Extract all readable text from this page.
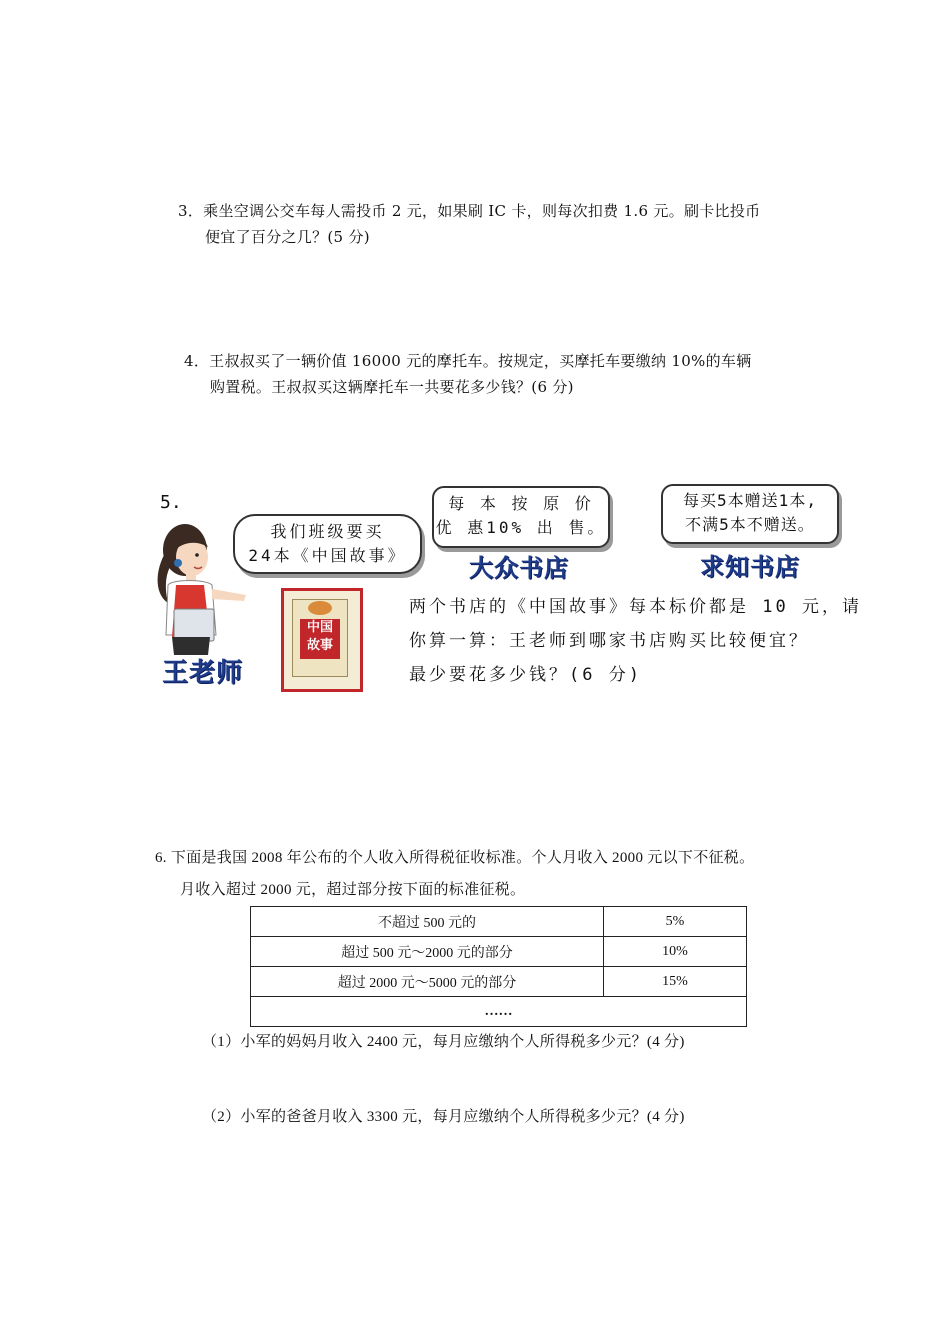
3．乘坐空调公交车每人需投币 2 元，如果刷 IC 卡，则每次扣费 1.6 元。刷卡比投币
便宜了百分之几？(5 分)
4．王叔叔买了一辆价值 16000 元的摩托车。按规定，买摩托车要缴纳 10%的车辆
购置税。王叔叔买这辆摩托车一共要花多少钱？(6 分)
5.
王老师
我们班级要买
24本《中国故事》
中国
故事
每 本 按 原 价
优 惠10% 出 售。
大众书店
每买5本赠送1本,
不满5本不赠送。
求知书店
两个书店的《中国故事》每本标价都是 10 元，请
你算一算：王老师到哪家书店购买比较便宜？
最少要花多少钱？(6 分)
6. 下面是我国 2008 年公布的个人收入所得税征收标准。个人月收入 2000 元以下不征税。
月收入超过 2000 元，超过部分按下面的标准征税。
不超过 500 元的	5%
超过 500 元～2000 元的部分	10%
超过 2000 元～5000 元的部分	15%
……	
（1）小军的妈妈月收入 2400 元，每月应缴纳个人所得税多少元？(4 分)
（2）小军的爸爸月收入 3300 元，每月应缴纳个人所得税多少元？(4 分)
